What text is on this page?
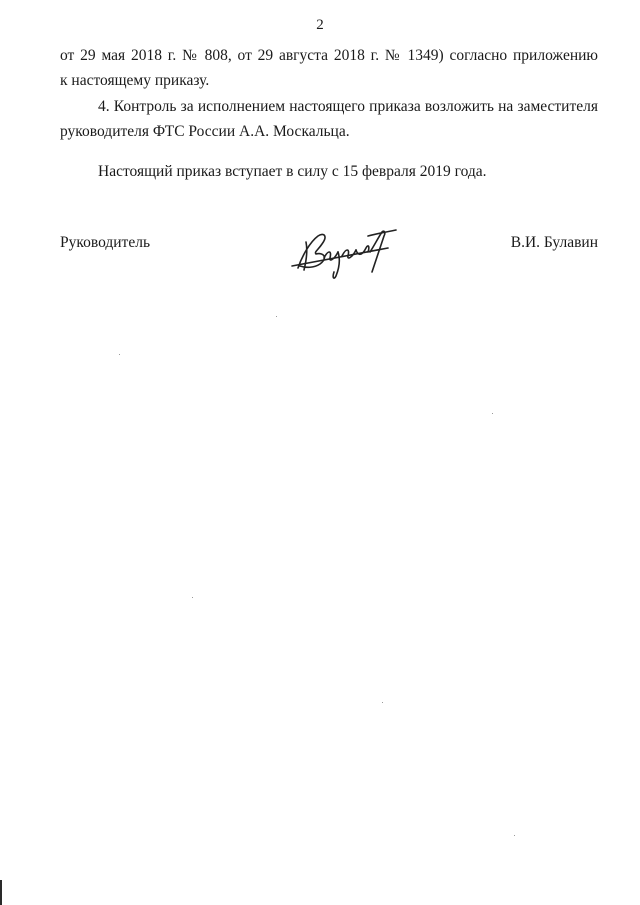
2
от 29 мая 2018 г. № 808, от 29 августа 2018 г. № 1349) согласно приложению
к настоящему приказу.
4. Контроль за исполнением настоящего приказа возложить на заместителя
руководителя ФТС России А.А. Москальца.
Настоящий приказ вступает в силу с 15 февраля 2019 года.
Руководитель	В.И. Булавин
